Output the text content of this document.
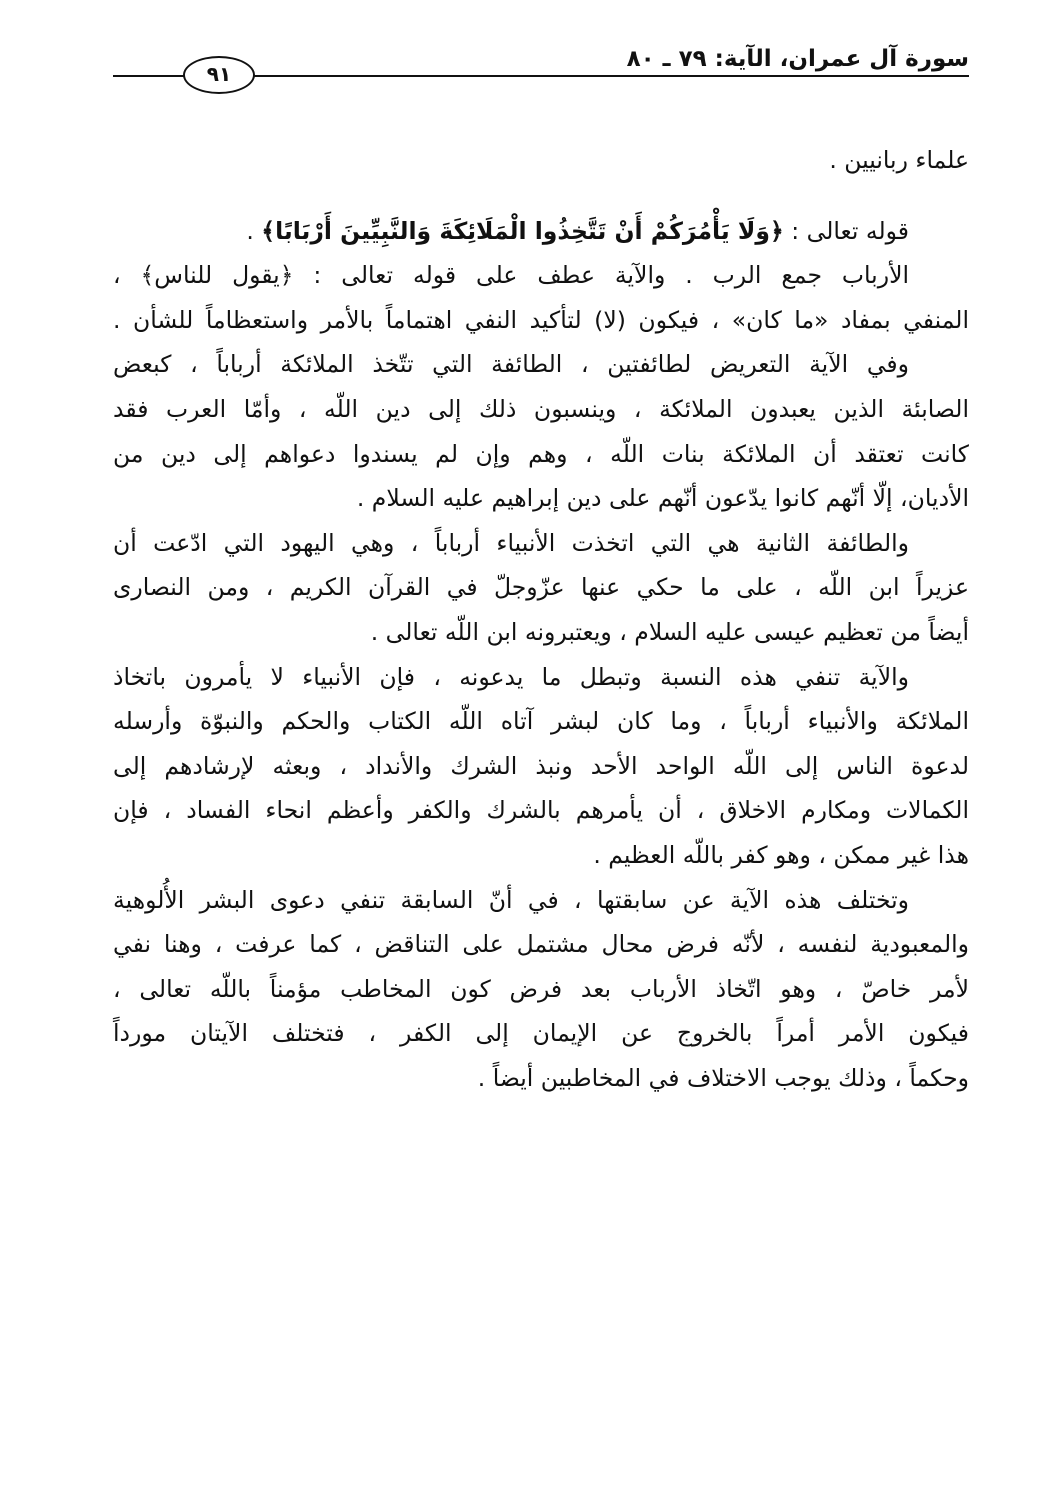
٩١
سورة آل عمران، الآية: ٧٩ ـ ٨٠
علماء ربانيين .
قوله تعالى : ﴿وَلَا يَأْمُرَكُمْ أَنْ تَتَّخِذُوا الْمَلَائِكَةَ وَالنَّبِيِّينَ أَرْبَابًا﴾ .
الأرباب جمع الرب . والآية عطف على قوله تعالى : ﴿يقول للناس﴾ ،
المنفي بمفاد «ما كان» ، فيكون (لا) لتأكيد النفي اهتماماً بالأمر واستعظاماً للشأن .
وفي الآية التعريض لطائفتين ، الطائفة التي تتّخذ الملائكة أرباباً ، كبعض
الصابئة الذين يعبدون الملائكة ، وينسبون ذلك إلى دين اللّه ، وأمّا العرب فقد
كانت تعتقد أن الملائكة بنات اللّه ، وهم وإن لم يسندوا دعواهم إلى دين من
الأديان، إلّا أنّهم كانوا يدّعون أنّهم على دين إبراهيم عليه السلام .
والطائفة الثانية هي التي اتخذت الأنبياء أرباباً ، وهي اليهود التي ادّعت أن
عزيراً ابن اللّه ، على ما حكي عنها عزّوجلّ في القرآن الكريم ، ومن النصارى
أيضاً من تعظيم عيسى عليه السلام ، ويعتبرونه ابن اللّه تعالى .
والآية تنفي هذه النسبة وتبطل ما يدعونه ، فإن الأنبياء لا يأمرون باتخاذ
الملائكة والأنبياء أرباباً ، وما كان لبشر آتاه اللّه الكتاب والحكم والنبوّة وأرسله
لدعوة الناس إلى اللّه الواحد الأحد ونبذ الشرك والأنداد ، وبعثه لإرشادهم إلى
الكمالات ومكارم الاخلاق ، أن يأمرهم بالشرك والكفر وأعظم انحاء الفساد ، فإن
هذا غير ممكن ، وهو كفر باللّه العظيم .
وتختلف هذه الآية عن سابقتها ، في أنّ السابقة تنفي دعوى البشر الأُلوهية
والمعبودية لنفسه ، لأنّه فرض محال مشتمل على التناقض ، كما عرفت ، وهنا نفي
لأمر خاصّ ، وهو اتّخاذ الأرباب بعد فرض كون المخاطب مؤمناً باللّه تعالى ،
فيكون الأمر أمراً بالخروج عن الإيمان إلى الكفر ، فتختلف الآيتان مورداً
وحكماً ، وذلك يوجب الاختلاف في المخاطبين أيضاً .
